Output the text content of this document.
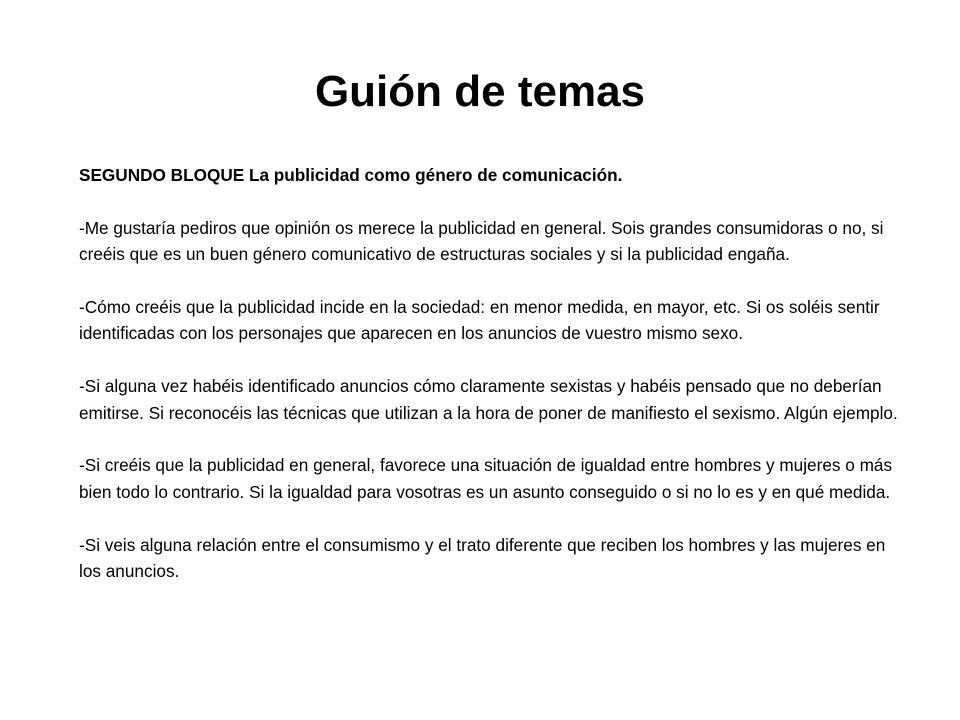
Guión de temas

SEGUNDO BLOQUE La publicidad como género de comunicación.

-Me gustaría pediros que opinión os merece la publicidad en general. Sois grandes consumidoras o no, si creéis que es un buen género comunicativo de estructuras sociales y si la publicidad engaña.

-Cómo creéis que la publicidad incide en la sociedad: en menor medida, en mayor, etc. Si os soléis sentir identificadas con los personajes que aparecen en los anuncios de vuestro mismo sexo.

-Si alguna vez habéis identificado anuncios cómo claramente sexistas y habéis pensado que no deberían emitirse. Si reconocéis las técnicas que utilizan a la hora de poner de manifiesto el sexismo. Algún ejemplo.

-Si creéis que la publicidad en general, favorece una situación de igualdad entre hombres y mujeres o más bien todo lo contrario. Si la igualdad para vosotras es un asunto conseguido o si no lo es y en qué medida.

-Si veis alguna relación entre el consumismo y el trato diferente que reciben los hombres y las mujeres en los anuncios.
